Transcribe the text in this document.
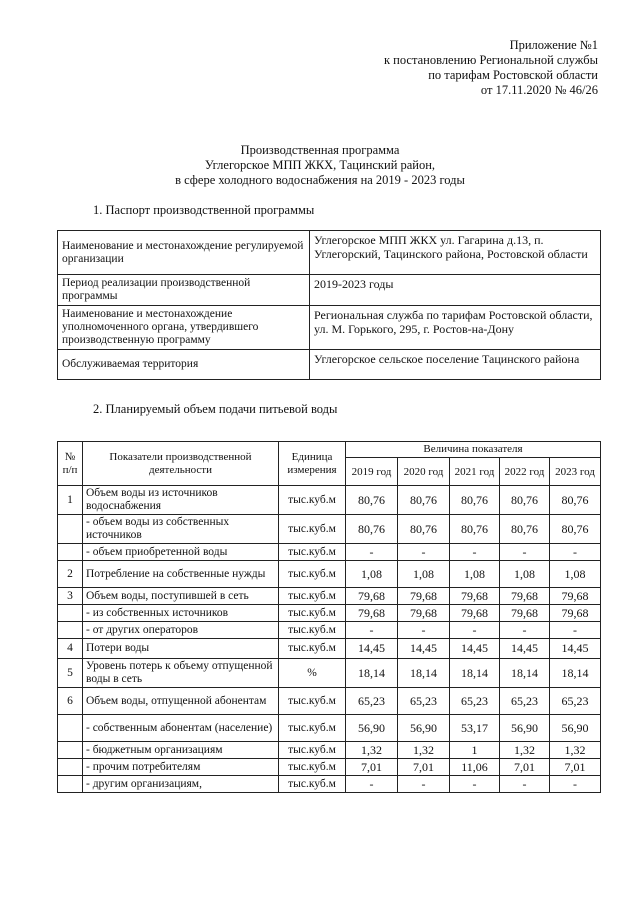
Приложение №1
к постановлению Региональной службы
по тарифам Ростовской области
от 17.11.2020 № 46/26
Производственная программа
Углегорское МПП ЖКХ, Тацинский район,
в сфере холодного водоснабжения на 2019 - 2023 годы
1. Паспорт производственной программы
Наименование и местонахождение регулируемой организации	Углегорское МПП ЖКХ ул. Гагарина д.13, п. Углегорский, Тацинского района, Ростовской области
Период реализации производственной программы	2019-2023 годы
Наименование и местонахождение уполномоченного органа, утвердившего производственную программу	Региональная служба по тарифам Ростовской области, ул. М. Горького, 295, г. Ростов-на-Дону
Обслуживаемая территория	Углегорское сельское поселение Тацинского района
2. Планируемый объем подачи питьевой воды
№ п/п	Показатели производственной деятельности	Единица измерения	Величина показателя				
			2019 год	2020 год	2021 год	2022 год	2023 год
1	Объем воды из источников водоснабжения	тыс.куб.м	80,76	80,76	80,76	80,76	80,76
	- объем воды из собственных источников	тыс.куб.м	80,76	80,76	80,76	80,76	80,76
	- объем приобретенной воды	тыс.куб.м	-	-	-	-	-
2	Потребление на собственные нужды	тыс.куб.м	1,08	1,08	1,08	1,08	1,08
3	Объем воды, поступившей в сеть	тыс.куб.м	79,68	79,68	79,68	79,68	79,68
	- из собственных источников	тыс.куб.м	79,68	79,68	79,68	79,68	79,68
	- от других операторов	тыс.куб.м	-	-	-	-	-
4	Потери воды	тыс.куб.м	14,45	14,45	14,45	14,45	14,45
5	Уровень потерь к объему отпущенной воды в сеть	%	18,14	18,14	18,14	18,14	18,14
6	Объем воды, отпущенной абонентам	тыс.куб.м	65,23	65,23	65,23	65,23	65,23
	- собственным абонентам (население)	тыс.куб.м	56,90	56,90	53,17	56,90	56,90
	- бюджетным организациям	тыс.куб.м	1,32	1,32	1	1,32	1,32
	- прочим потребителям	тыс.куб.м	7,01	7,01	11,06	7,01	7,01
	- другим организациям,	тыс.куб.м	-	-	-	-	-
